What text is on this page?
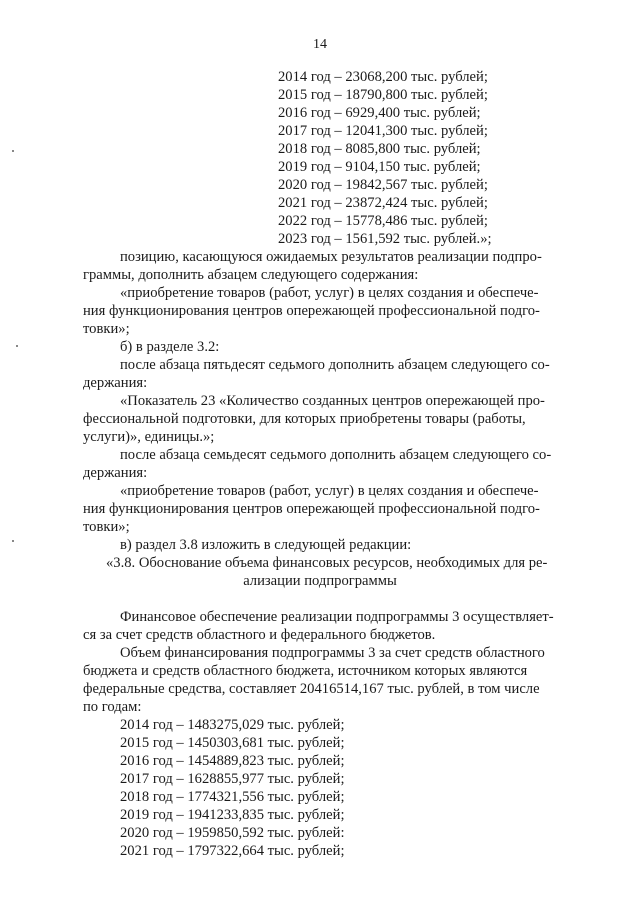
14
2014 год – 23068,200 тыс. рублей;
2015 год – 18790,800 тыс. рублей;
2016 год – 6929,400 тыс. рублей;
2017 год – 12041,300 тыс. рублей;
2018 год – 8085,800 тыс. рублей;
2019 год – 9104,150 тыс. рублей;
2020 год – 19842,567 тыс. рублей;
2021 год – 23872,424 тыс. рублей;
2022 год – 15778,486 тыс. рублей;
2023 год – 1561,592 тыс. рублей.»;
позицию, касающуюся ожидаемых результатов реализации подпро-
граммы, дополнить абзацем следующего содержания:
«приобретение товаров (работ, услуг) в целях создания и обеспече-
ния функционирования центров опережающей профессиональной подго-
товки»;
б) в разделе 3.2:
после абзаца пятьдесят седьмого дополнить абзацем следующего со-
держания:
«Показатель 23 «Количество созданных центров опережающей про-
фессиональной подготовки, для которых приобретены товары (работы,
услуги)», единицы.»;
после абзаца семьдесят седьмого дополнить абзацем следующего со-
держания:
«приобретение товаров (работ, услуг) в целях создания и обеспече-
ния функционирования центров опережающей профессиональной подго-
товки»;
в) раздел 3.8 изложить в следующей редакции:
«3.8. Обоснование объема финансовых ресурсов, необходимых для ре-
ализации подпрограммы
Финансовое обеспечение реализации подпрограммы 3 осуществляет-
ся за счет средств областного и федерального бюджетов.
Объем финансирования подпрограммы 3 за счет средств областного
бюджета и средств областного бюджета, источником которых являются
федеральные средства, составляет 20416514,167 тыс. рублей, в том числе
по годам:
2014 год – 1483275,029 тыс. рублей;
2015 год – 1450303,681 тыс. рублей;
2016 год – 1454889,823 тыс. рублей;
2017 год – 1628855,977 тыс. рублей;
2018 год – 1774321,556 тыс. рублей;
2019 год – 1941233,835 тыс. рублей;
2020 год – 1959850,592 тыс. рублей:
2021 год – 1797322,664 тыс. рублей;
